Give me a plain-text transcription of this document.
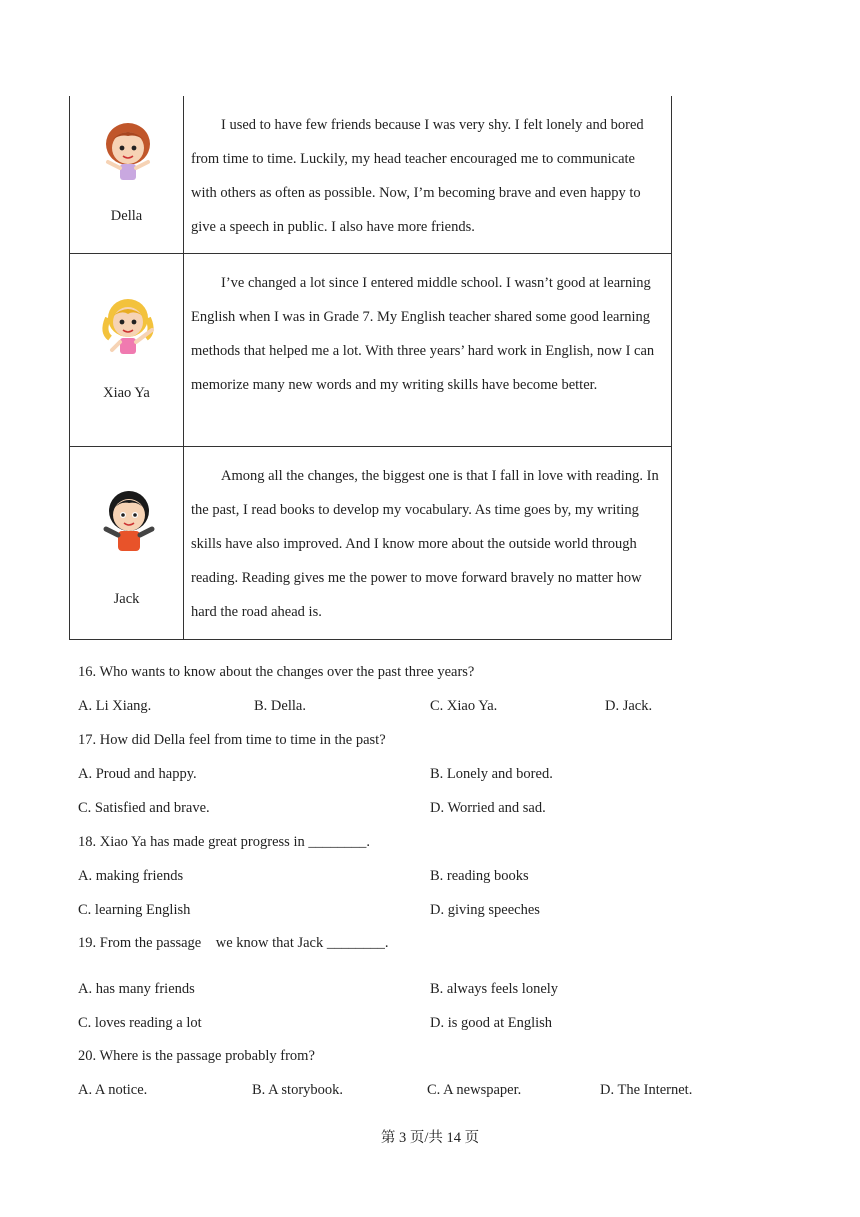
Della	I used to have few friends because I was very shy. I felt lonely and bored from time to time. Luckily, my head teacher encouraged me to communicate with others as often as possible. Now, I’m becoming brave and even happy to give a speech in public. I also have more friends.

Xiao Ya	I’ve changed a lot since I entered middle school. I wasn’t good at learning English when I was in Grade 7. My English teacher shared some good learning methods that helped me a lot. With three years’ hard work in English, now I can memorize many new words and my writing skills have become better.

Jack	Among all the changes, the biggest one is that I fall in love with reading. In the past, I read books to develop my vocabulary. As time goes by, my writing skills have also improved. And I know more about the outside world through reading. Reading gives me the power to move forward bravely no matter how hard the road ahead is.

16. Who wants to know about the changes over the past three years?
A. Li Xiang.	B. Della.	C. Xiao Ya.	D. Jack.
17. How did Della feel from time to time in the past?
A. Proud and happy.	B. Lonely and bored.
C. Satisfied and brave.	D. Worried and sad.
18. Xiao Ya has made great progress in ________.
A. making friends	B. reading books
C. learning English	D. giving speeches
19. From the passage    we know that Jack ________.
A. has many friends	B. always feels lonely
C. loves reading a lot	D. is good at English
20. Where is the passage probably from?
A. A notice.	B. A storybook.	C. A newspaper.	D. The Internet.
第 3 页/共 14 页
